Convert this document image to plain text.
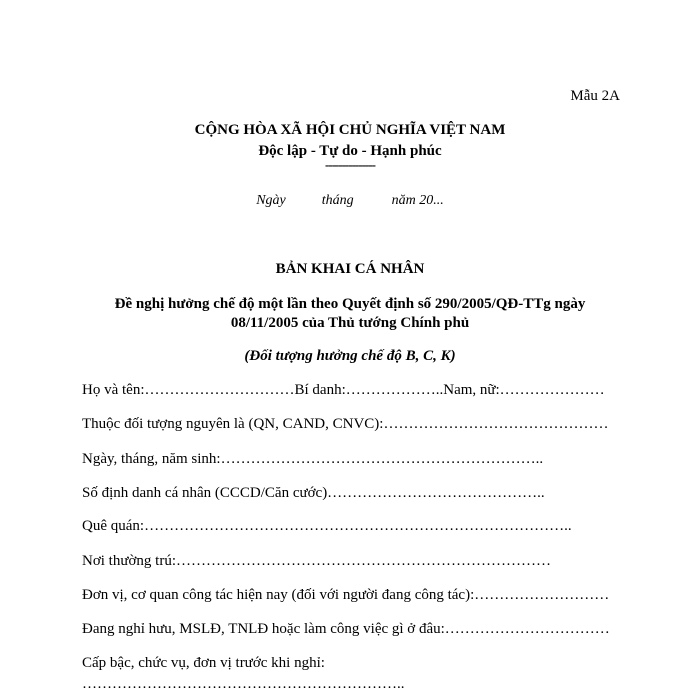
Mẫu 2A
CỘNG HÒA XÃ HỘI CHỦ NGHĨA VIỆT NAM
Độc lập - Tự do - Hạnh phúc
---------------
Ngày	tháng	năm 20...
BẢN KHAI CÁ NHÂN
Đề nghị hưởng chế độ một lần theo Quyết định số 290/2005/QĐ-TTg ngày
08/11/2005 của Thủ tướng Chính phủ
(Đối tượng hưởng chế độ B, C, K)
Họ và tên:…………………………Bí danh:………………..Nam, nữ:…………………
Thuộc đối tượng nguyên là (QN, CAND, CNVC):………………………………………
Ngày, tháng, năm sinh:………………………………………………………..
Số định danh cá nhân (CCCD/Căn cước)……………………………………..
Quê quán:…………………………………………………………………………..
Nơi thường trú:…………………………………………………………………
Đơn vị, cơ quan công tác hiện nay (đối với người đang công tác):………………………
Đang nghỉ hưu, MSLĐ, TNLĐ hoặc làm công việc gì ở đâu:……………………………
Cấp bậc, chức vụ, đơn vị trước khi nghỉ:
………………………………………………………..
